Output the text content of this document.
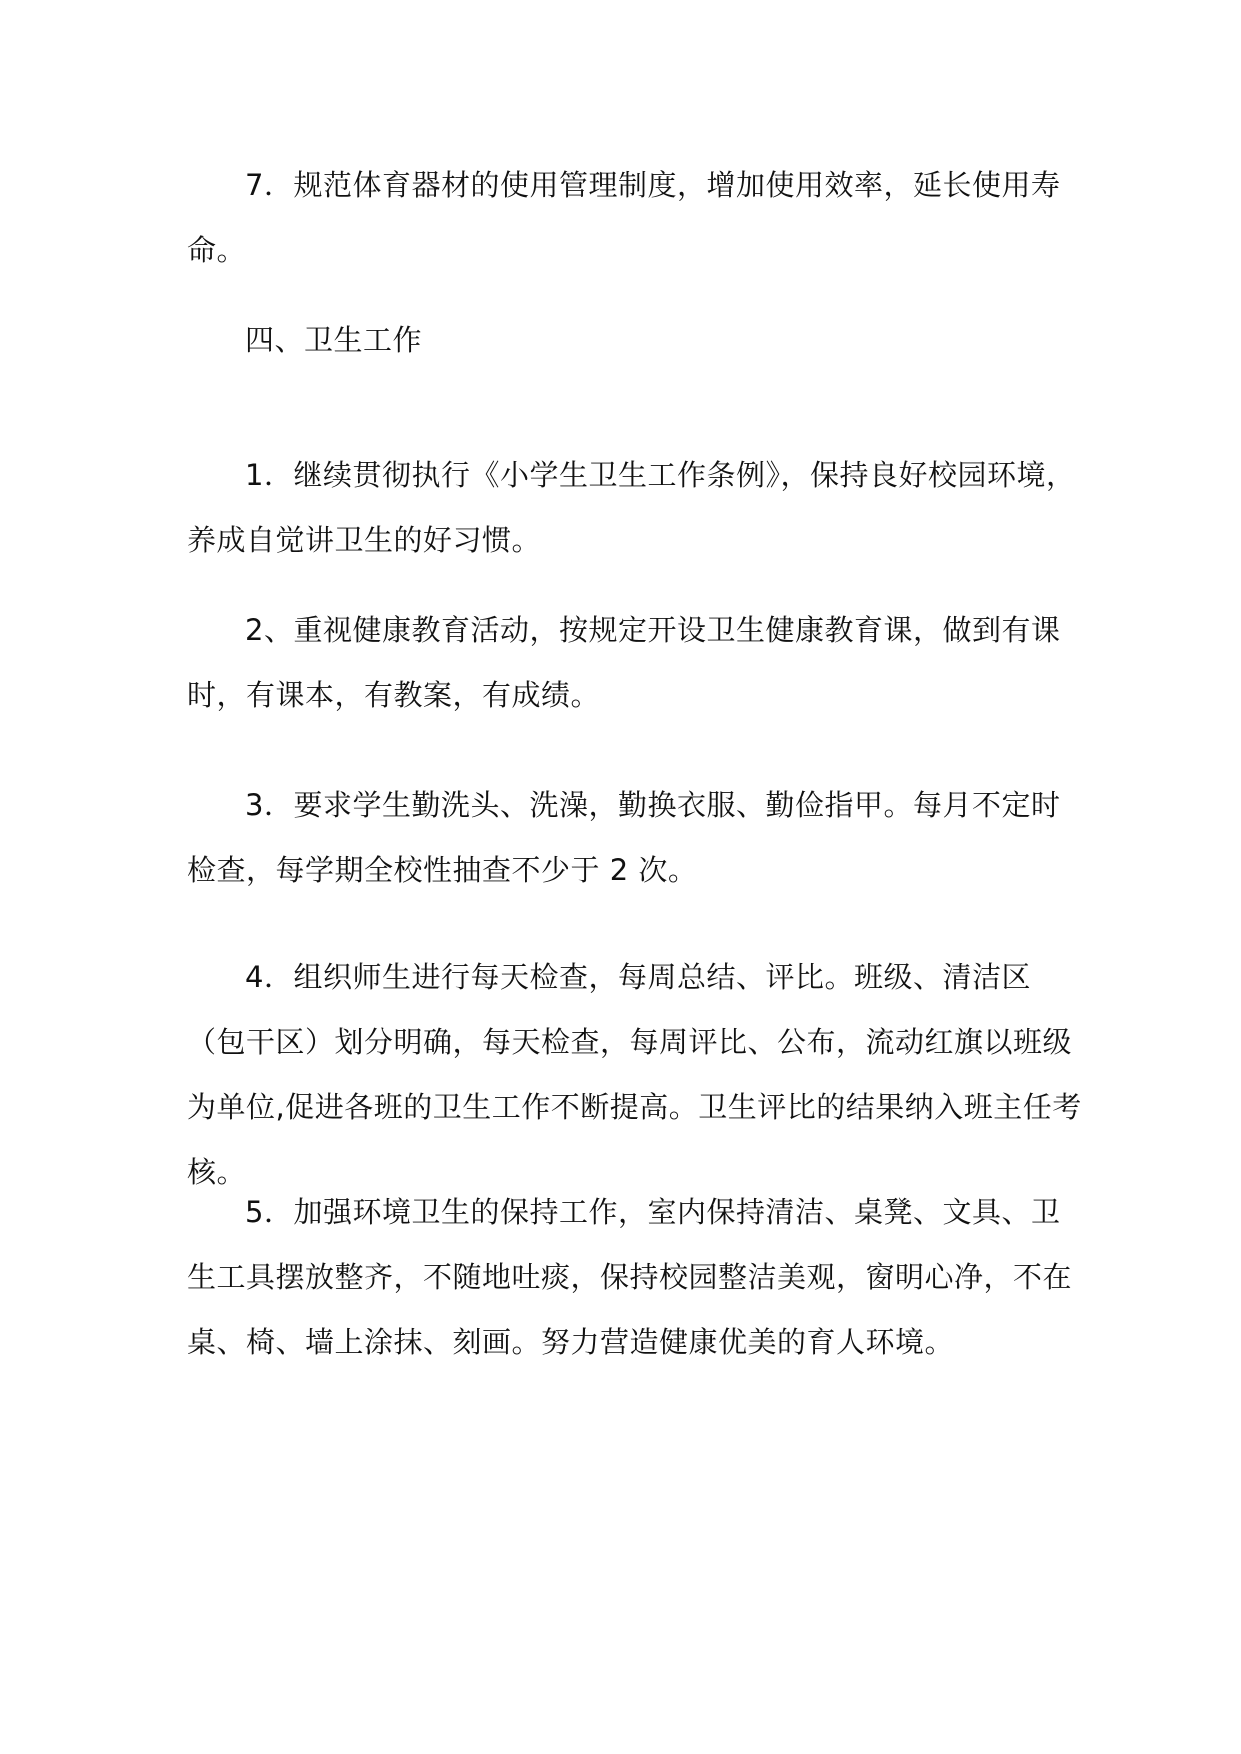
7．规范体育器材的使用管理制度，增加使用效率，延长使用寿命。

四、卫生工作

1．继续贯彻执行《小学生卫生工作条例》，保持良好校园环境，养成自觉讲卫生的好习惯。

2、重视健康教育活动，按规定开设卫生健康教育课，做到有课时，有课本，有教案，有成绩。

3．要求学生勤洗头、洗澡，勤换衣服、勤俭指甲。每月不定时检查，每学期全校性抽查不少于 2 次。

4．组织师生进行每天检查，每周总结、评比。班级、清洁区（包干区）划分明确，每天检查，每周评比、公布，流动红旗以班级为单位,促进各班的卫生工作不断提高。卫生评比的结果纳入班主任考核。

5．加强环境卫生的保持工作，室内保持清洁、桌凳、文具、卫生工具摆放整齐，不随地吐痰，保持校园整洁美观，窗明心净，不在桌、椅、墙上涂抹、刻画。努力营造健康优美的育人环境。
